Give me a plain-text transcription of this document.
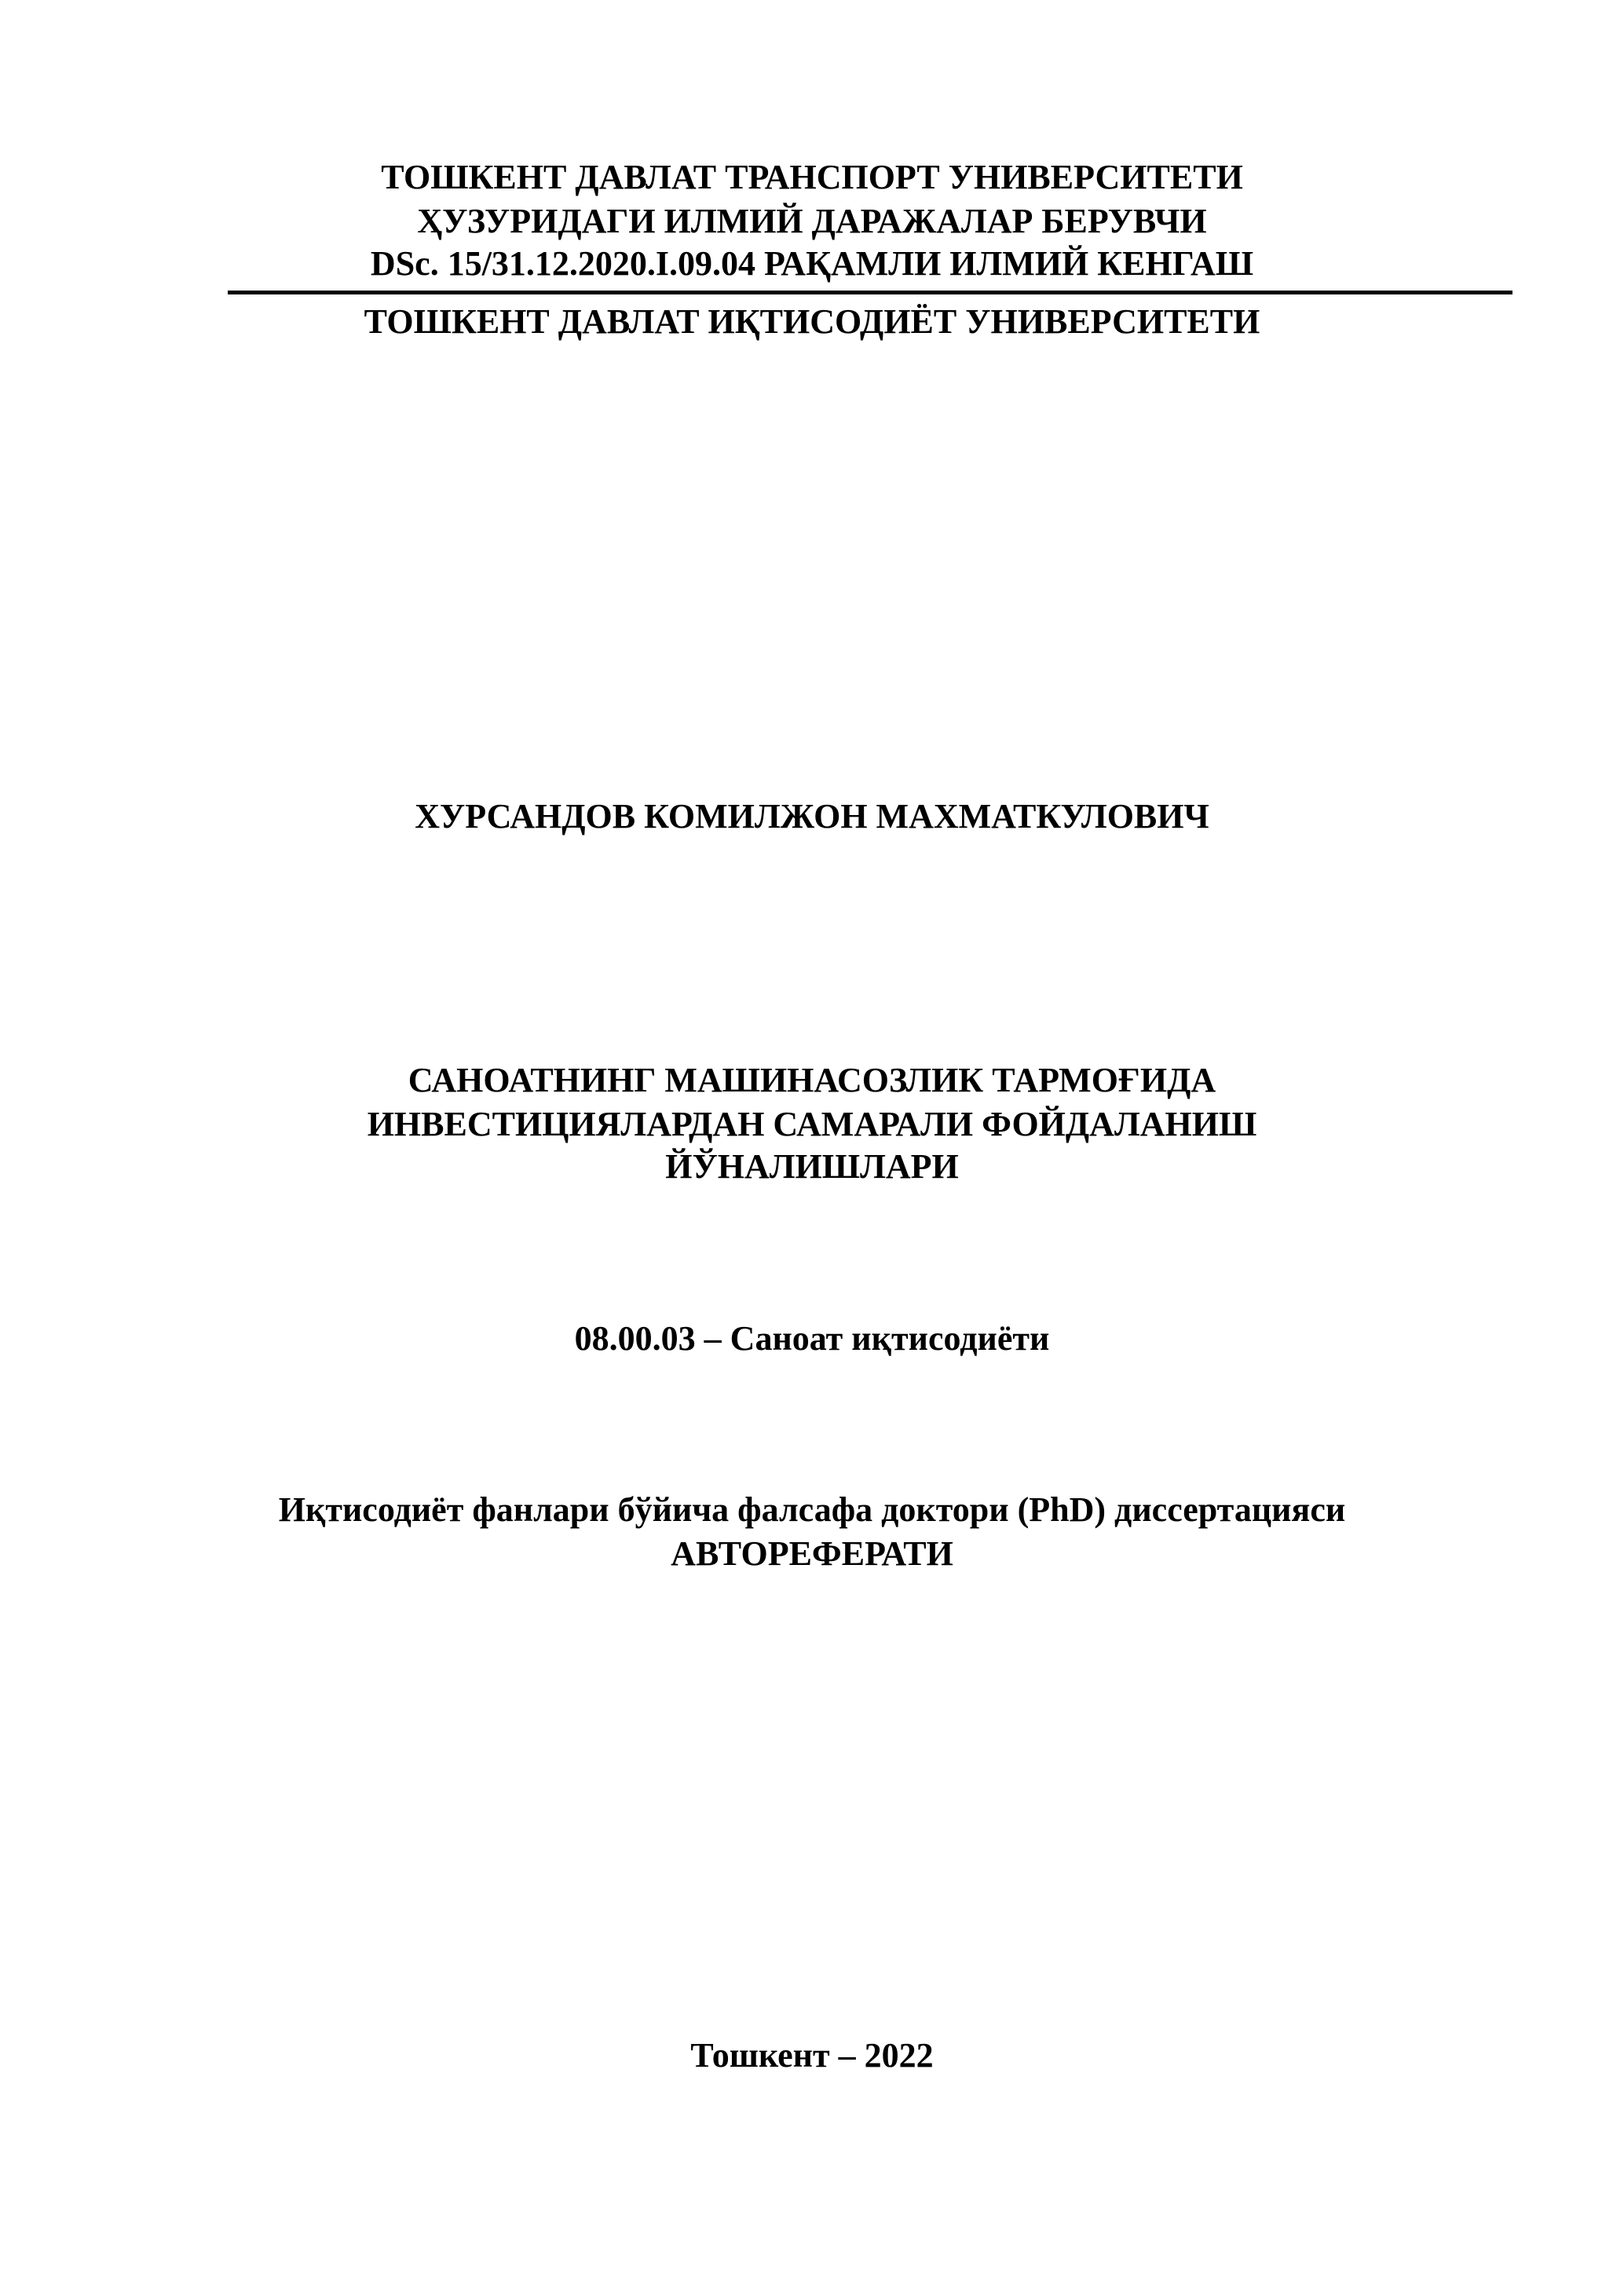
ТОШКЕНТ ДАВЛАТ ТРАНСПОРТ УНИВЕРСИТЕТИ
ҲУЗУРИДАГИ ИЛМИЙ ДАРАЖАЛАР БЕРУВЧИ
DSc. 15/31.12.2020.I.09.04 РАҚАМЛИ ИЛМИЙ КЕНГАШ
ТОШКЕНТ ДАВЛАТ ИҚТИСОДИЁТ УНИВЕРСИТЕТИ
ХУРСАНДОВ КОМИЛЖОН МАХМАТКУЛОВИЧ
САНОАТНИНГ МАШИНАСОЗЛИК ТАРМОҒИДА
ИНВЕСТИЦИЯЛАРДАН САМАРАЛИ ФОЙДАЛАНИШ
ЙЎНАЛИШЛАРИ
08.00.03 – Саноат иқтисодиёти
Иқтисодиёт фанлари бўйича фалсафа доктори (PhD) диссертацияси
АВТОРЕФЕРАТИ
Тошкент – 2022
